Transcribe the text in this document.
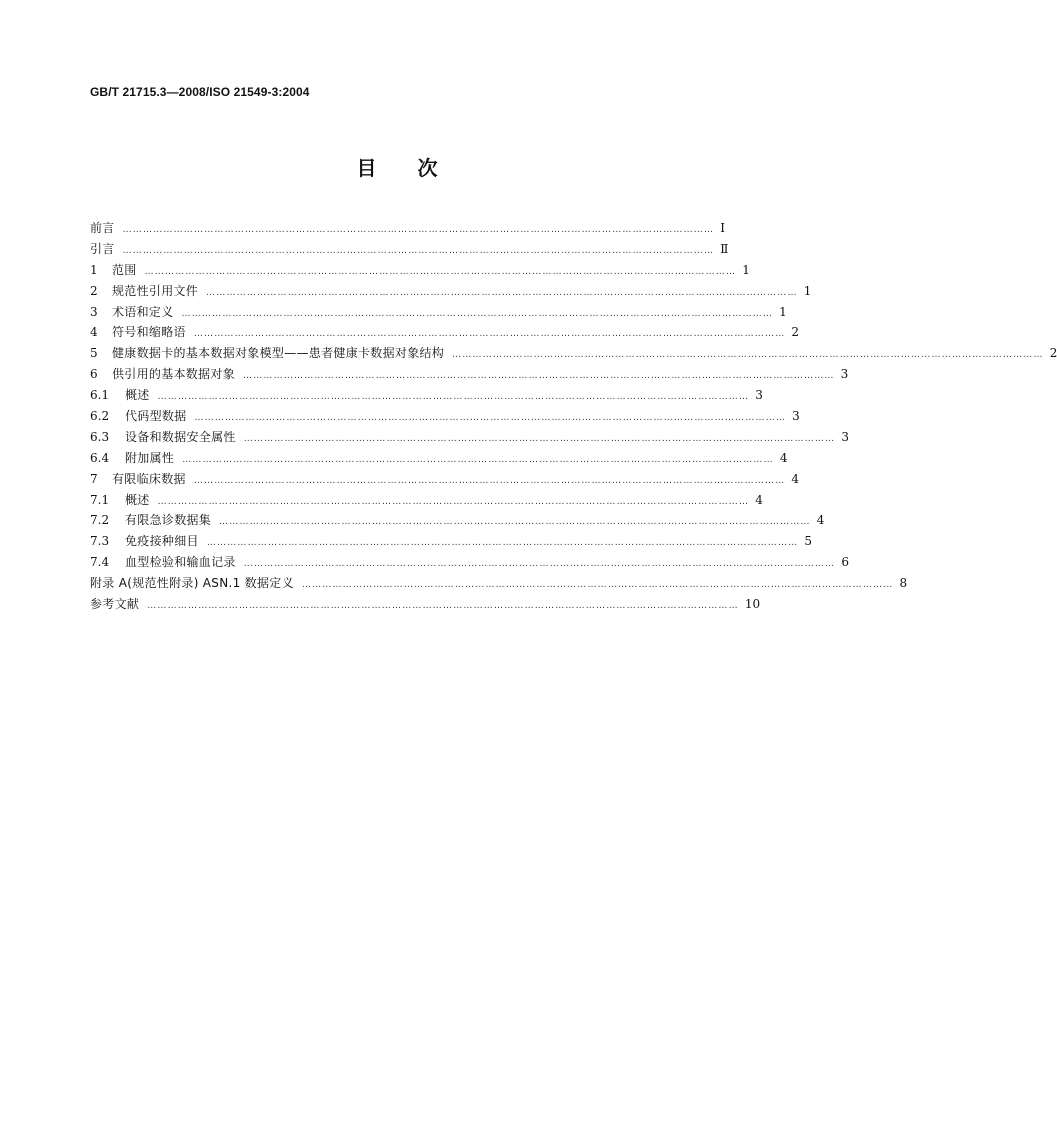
GB/T 21715.3—2008/ISO 21549-3:2004
目 次
前言 ………………………………………………………………………………………………………………………………………………………… Ⅰ
引言 ………………………………………………………………………………………………………………………………………………………… Ⅱ
1	范围 ………………………………………………………………………………………………………………………………………………………… 1
2	规范性引用文件 ………………………………………………………………………………………………………………………………………………………… 1
3	术语和定义 ………………………………………………………………………………………………………………………………………………………… 1
4	符号和缩略语 ………………………………………………………………………………………………………………………………………………………… 2
5	健康数据卡的基本数据对象模型——患者健康卡数据对象结构 ………………………………………………………………………………………………………………………………………………………… 2
6	供引用的基本数据对象 ………………………………………………………………………………………………………………………………………………………… 3
6.1	概述 ………………………………………………………………………………………………………………………………………………………… 3
6.2	代码型数据 ………………………………………………………………………………………………………………………………………………………… 3
6.3	设备和数据安全属性 ………………………………………………………………………………………………………………………………………………………… 3
6.4	附加属性 ………………………………………………………………………………………………………………………………………………………… 4
7	有限临床数据 ………………………………………………………………………………………………………………………………………………………… 4
7.1	概述 ………………………………………………………………………………………………………………………………………………………… 4
7.2	有限急诊数据集 ………………………………………………………………………………………………………………………………………………………… 4
7.3	免疫接种细目 ………………………………………………………………………………………………………………………………………………………… 5
7.4	血型检验和输血记录 ………………………………………………………………………………………………………………………………………………………… 6
附录 A(规范性附录) ASN.1 数据定义 ………………………………………………………………………………………………………………………………………………………… 8
参考文献 ………………………………………………………………………………………………………………………………………………………… 10
